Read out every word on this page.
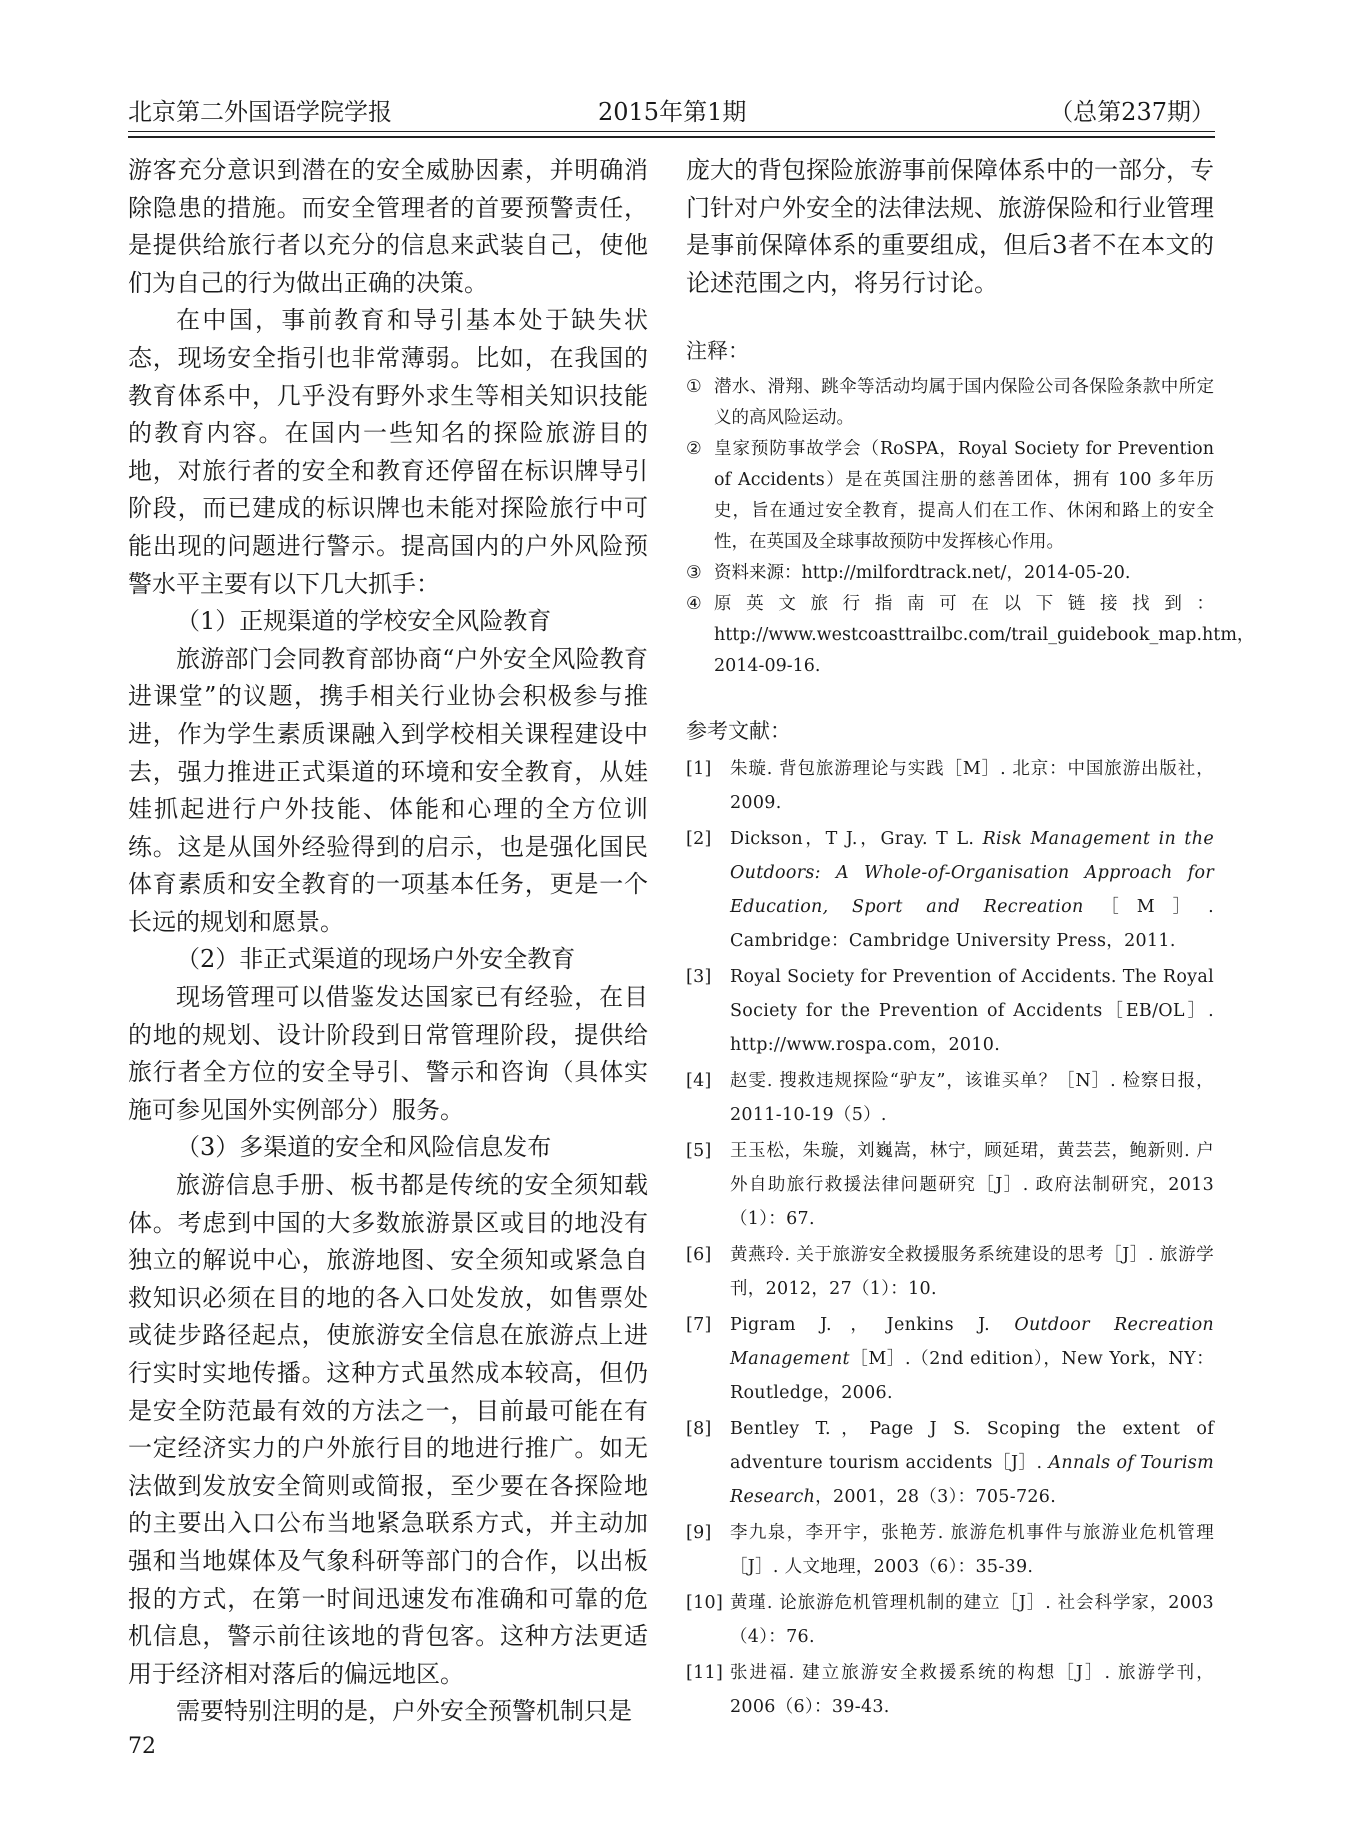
北京第二外国语学院学报	2015年第1期	（总第237期）

游客充分意识到潜在的安全威胁因素，并明确消除隐患的措施。而安全管理者的首要预警责任，是提供给旅行者以充分的信息来武装自己，使他们为自己的行为做出正确的决策。

在中国，事前教育和导引基本处于缺失状态，现场安全指引也非常薄弱。比如，在我国的教育体系中，几乎没有野外求生等相关知识技能的教育内容。在国内一些知名的探险旅游目的地，对旅行者的安全和教育还停留在标识牌导引阶段，而已建成的标识牌也未能对探险旅行中可能出现的问题进行警示。提高国内的户外风险预警水平主要有以下几大抓手：

（1）正规渠道的学校安全风险教育

旅游部门会同教育部协商“户外安全风险教育进课堂”的议题，携手相关行业协会积极参与推进，作为学生素质课融入到学校相关课程建设中去，强力推进正式渠道的环境和安全教育，从娃娃抓起进行户外技能、体能和心理的全方位训练。这是从国外经验得到的启示，也是强化国民体育素质和安全教育的一项基本任务，更是一个长远的规划和愿景。

（2）非正式渠道的现场户外安全教育

现场管理可以借鉴发达国家已有经验，在目的地的规划、设计阶段到日常管理阶段，提供给旅行者全方位的安全导引、警示和咨询（具体实施可参见国外实例部分）服务。

（3）多渠道的安全和风险信息发布

旅游信息手册、板书都是传统的安全须知载体。考虑到中国的大多数旅游景区或目的地没有独立的解说中心，旅游地图、安全须知或紧急自救知识必须在目的地的各入口处发放，如售票处或徒步路径起点，使旅游安全信息在旅游点上进行实时实地传播。这种方式虽然成本较高，但仍是安全防范最有效的方法之一，目前最可能在有一定经济实力的户外旅行目的地进行推广。如无法做到发放安全简则或简报，至少要在各探险地的主要出入口公布当地紧急联系方式，并主动加强和当地媒体及气象科研等部门的合作，以出板报的方式，在第一时间迅速发布准确和可靠的危机信息，警示前往该地的背包客。这种方法更适用于经济相对落后的偏远地区。

需要特别注明的是，户外安全预警机制只是

庞大的背包探险旅游事前保障体系中的一部分，专门针对户外安全的法律法规、旅游保险和行业管理是事前保障体系的重要组成，但后3者不在本文的论述范围之内，将另行讨论。

注释：

① 潜水、滑翔、跳伞等活动均属于国内保险公司各保险条款中所定义的高风险运动。
② 皇家预防事故学会（RoSPA，Royal Society for Prevention of Accidents）是在英国注册的慈善团体，拥有 100 多年历史，旨在通过安全教育，提高人们在工作、休闲和路上的安全性，在英国及全球事故预防中发挥核心作用。
③ 资料来源：http://milfordtrack.net/，2014-05-20.
④ 原英文旅行指南可在以下链接找到：http://www.westcoasttrailbc.com/trail_guidebook_map.htm，2014-09-16.

参考文献：

[1] 朱璇. 背包旅游理论与实践［M］. 北京：中国旅游出版社，2009.
[2] Dickson，T J.，Gray. T L. Risk Management in the Outdoors: A Whole-of-Organisation Approach for Education, Sport and Recreation［M］. Cambridge：Cambridge University Press，2011.
[3] Royal Society for Prevention of Accidents. The Royal Society for the Prevention of Accidents［EB/OL］. http://www.rospa.com，2010.
[4] 赵雯. 搜救违规探险“驴友”，该谁买单？［N］. 检察日报，2011-10-19（5）.
[5] 王玉松，朱璇，刘巍嵩，林宁，顾延珺，黄芸芸，鲍新则. 户外自助旅行救援法律问题研究［J］. 政府法制研究，2013（1）：67.
[6] 黄燕玲. 关于旅游安全救援服务系统建设的思考［J］. 旅游学刊，2012，27（1）：10.
[7] Pigram J.，Jenkins J. Outdoor Recreation Management［M］.（2nd edition），New York，NY：Routledge，2006.
[8] Bentley T.，Page J S. Scoping the extent of adventure tourism accidents［J］. Annals of Tourism Research，2001，28（3）：705-726.
[9] 李九泉，李开宇，张艳芳. 旅游危机事件与旅游业危机管理［J］. 人文地理，2003（6）：35-39.
[10] 黄瑾. 论旅游危机管理机制的建立［J］. 社会科学家，2003（4）：76.
[11] 张进福. 建立旅游安全救援系统的构想［J］. 旅游学刊，2006（6）：39-43.
72
